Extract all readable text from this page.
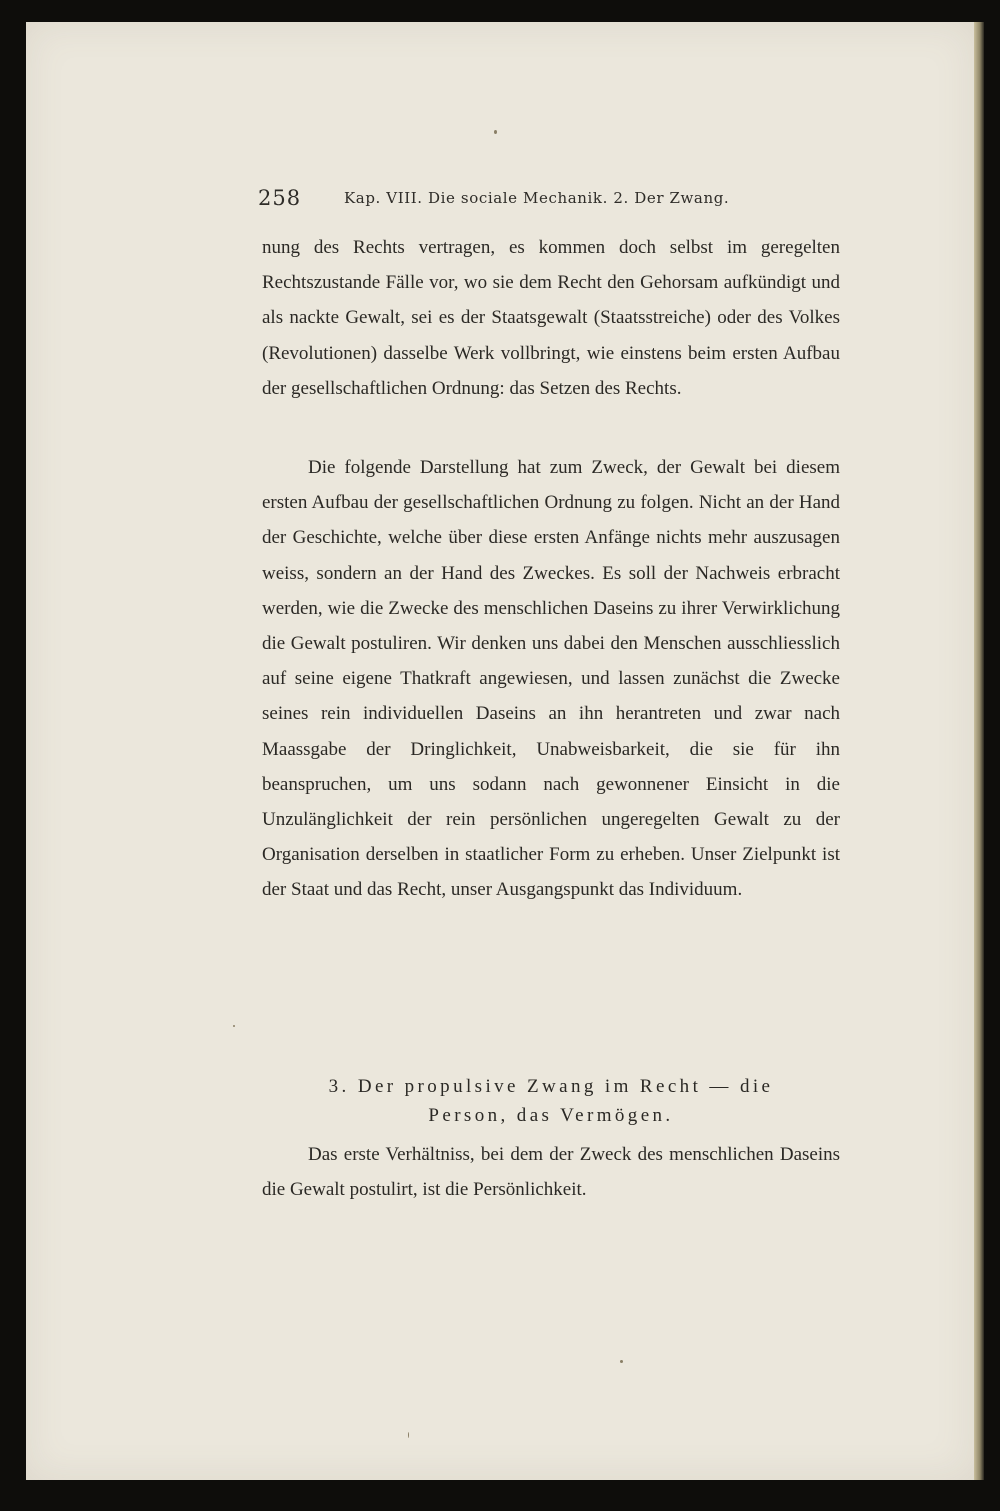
258	Kap. VIII. Die sociale Mechanik. 2. Der Zwang.

nung des Rechts vertragen, es kommen doch selbst im geregelten Rechtszustande Fälle vor, wo sie dem Recht den Gehorsam aufkündigt und als nackte Gewalt, sei es der Staatsgewalt (Staatsstreiche) oder des Volkes (Revolutionen) dasselbe Werk vollbringt, wie einstens beim ersten Aufbau der gesellschaftlichen Ordnung: das Setzen des Rechts.

Die folgende Darstellung hat zum Zweck, der Gewalt bei diesem ersten Aufbau der gesellschaftlichen Ordnung zu folgen. Nicht an der Hand der Geschichte, welche über diese ersten Anfänge nichts mehr auszusagen weiss, sondern an der Hand des Zweckes. Es soll der Nachweis erbracht werden, wie die Zwecke des menschlichen Daseins zu ihrer Verwirklichung die Gewalt postuliren. Wir denken uns dabei den Menschen ausschliesslich auf seine eigene Thatkraft angewiesen, und lassen zunächst die Zwecke seines rein individuellen Daseins an ihn herantreten und zwar nach Maassgabe der Dringlichkeit, Unabweisbarkeit, die sie für ihn beanspruchen, um uns sodann nach gewonnener Einsicht in die Unzulänglichkeit der rein persönlichen ungeregelten Gewalt zu der Organisation derselben in staatlicher Form zu erheben. Unser Zielpunkt ist der Staat und das Recht, unser Ausgangspunkt das Individuum.

3. Der propulsive Zwang im Recht — die
Person, das Vermögen.

Das erste Verhältniss, bei dem der Zweck des menschlichen Daseins die Gewalt postulirt, ist die Persönlichkeit.
